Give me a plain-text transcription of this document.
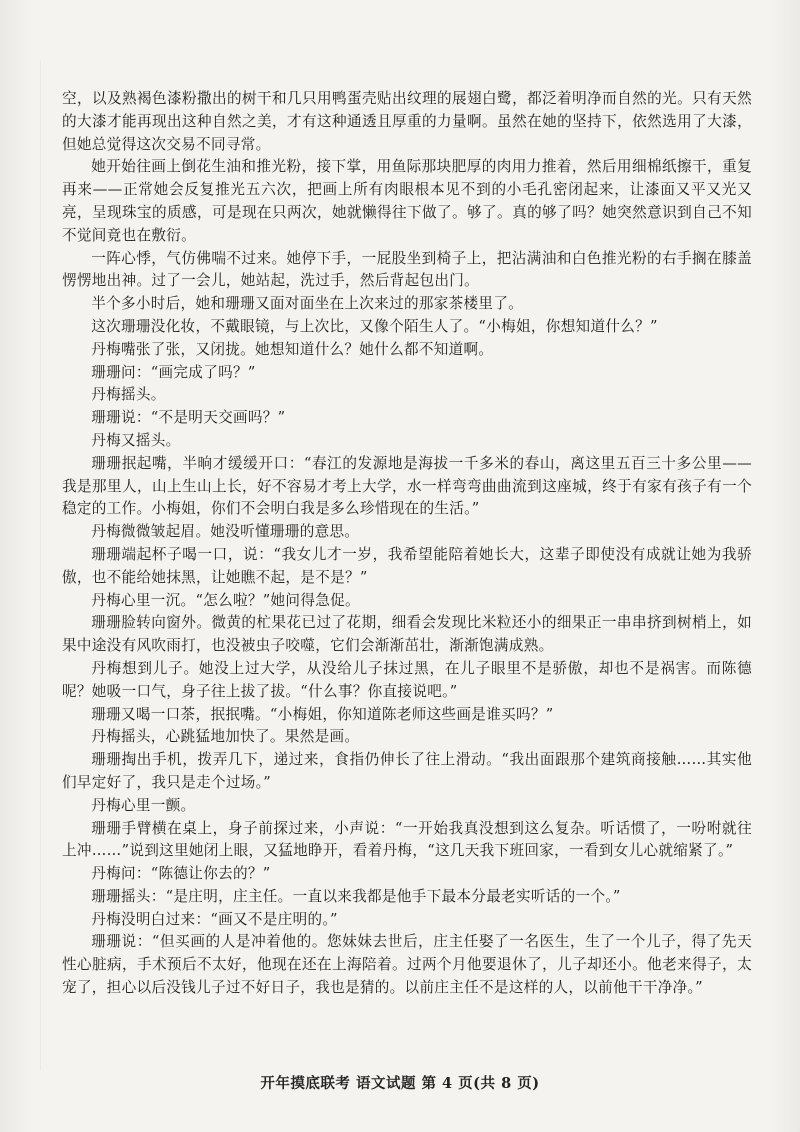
空，以及熟褐色漆粉撒出的树干和几只用鸭蛋壳贴出纹理的展翅白鹭，都泛着明净而自然的光。只有天然的大漆才能再现出这种自然之美，才有这种通透且厚重的力量啊。虽然在她的坚持下，依然选用了大漆，但她总觉得这次交易不同寻常。

她开始往画上倒花生油和推光粉，接下掌，用鱼际那块肥厚的肉用力推着，然后用细棉纸擦干，重复再来——正常她会反复推光五六次，把画上所有肉眼根本见不到的小毛孔密闭起来，让漆面又平又光又亮，呈现珠宝的质感，可是现在只两次，她就懒得往下做了。够了。真的够了吗？她突然意识到自己不知不觉间竟也在敷衍。

一阵心悸，气仿佛喘不过来。她停下手，一屁股坐到椅子上，把沾满油和白色推光粉的右手搁在膝盖愣愣地出神。过了一会儿，她站起，洗过手，然后背起包出门。

半个多小时后，她和珊珊又面对面坐在上次来过的那家茶楼里了。

这次珊珊没化妆，不戴眼镜，与上次比，又像个陌生人了。“小梅姐，你想知道什么？”

丹梅嘴张了张，又闭拢。她想知道什么？她什么都不知道啊。

珊珊问：“画完成了吗？”

丹梅摇头。

珊珊说：“不是明天交画吗？”

丹梅又摇头。

珊珊抿起嘴，半晌才缓缓开口：“春江的发源地是海拔一千多米的春山，离这里五百三十多公里——我是那里人，山上生山上长，好不容易才考上大学，水一样弯弯曲曲流到这座城，终于有家有孩子有一个稳定的工作。小梅姐，你们不会明白我是多么珍惜现在的生活。”

丹梅微微皱起眉。她没听懂珊珊的意思。

珊珊端起杯子喝一口，说：“我女儿才一岁，我希望能陪着她长大，这辈子即使没有成就让她为我骄傲，也不能给她抹黑，让她瞧不起，是不是？”

丹梅心里一沉。“怎么啦？”她问得急促。

珊珊脸转向窗外。微黄的杧果花已过了花期，细看会发现比米粒还小的细果正一串串挤到树梢上，如果中途没有风吹雨打，也没被虫子咬噬，它们会渐渐茁壮，渐渐饱满成熟。

丹梅想到儿子。她没上过大学，从没给儿子抹过黑，在儿子眼里不是骄傲，却也不是祸害。而陈德呢？她吸一口气，身子往上拔了拔。“什么事？你直接说吧。”

珊珊又喝一口茶，抿抿嘴。“小梅姐，你知道陈老师这些画是谁买吗？”

丹梅摇头，心跳猛地加快了。果然是画。

珊珊掏出手机，拨弄几下，递过来，食指仍伸长了往上滑动。“我出面跟那个建筑商接触……其实他们早定好了，我只是走个过场。”

丹梅心里一颤。

珊珊手臂横在桌上，身子前探过来，小声说：“一开始我真没想到这么复杂。听话惯了，一吩咐就往上冲……”说到这里她闭上眼，又猛地睁开，看着丹梅，“这几天我下班回家，一看到女儿心就缩紧了。”

丹梅问：“陈德让你去的？”

珊珊摇头：“是庄明，庄主任。一直以来我都是他手下最本分最老实听话的一个。”

丹梅没明白过来：“画又不是庄明的。”

珊珊说：“但买画的人是冲着他的。您妹妹去世后，庄主任娶了一名医生，生了一个儿子，得了先天性心脏病，手术预后不太好，他现在还在上海陪着。过两个月他要退休了，儿子却还小。他老来得子，太宠了，担心以后没钱儿子过不好日子，我也是猜的。以前庄主任不是这样的人，以前他干干净净。”

开年摸底联考 语文试题 第 4 页(共 8 页)
